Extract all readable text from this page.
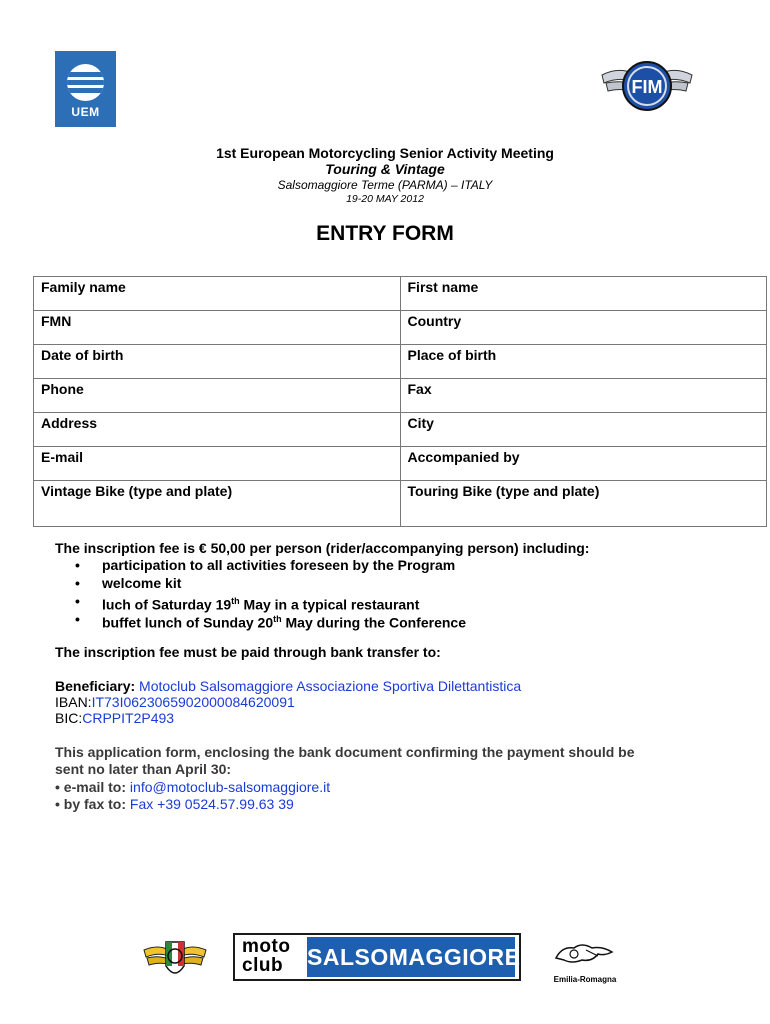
UEM
FIM
1st European Motorcycling Senior Activity Meeting
Touring & Vintage
Salsomaggiore Terme (PARMA) – ITALY
19-20 MAY 2012
ENTRY FORM
Family name	First name
FMN	Country
Date of birth	Place of birth
Phone	Fax
Address	City
E-mail	Accompanied by
Vintage Bike (type and plate)	Touring Bike (type and plate)
The inscription fee is € 50,00 per person (rider/accompanying person) including:
• participation to all activities foreseen by the Program
• welcome kit
• luch of Saturday 19th May in a typical restaurant
• buffet lunch of Sunday 20th May during the Conference
The inscription fee must be paid through bank transfer to:
Beneficiary: Motoclub Salsomaggiore Associazione Sportiva Dilettantistica
IBAN:IT73I0623065902000084620091
BIC:CRPPIT2P493
This application form, enclosing the bank document confirming the payment should be
sent no later than April 30:
• e-mail to: info@motoclub-salsomaggiore.it
• by fax to: Fax +39 0524.57.99.63 39
moto
club	SALSOMAGGIORE
Emilia-Romagna
